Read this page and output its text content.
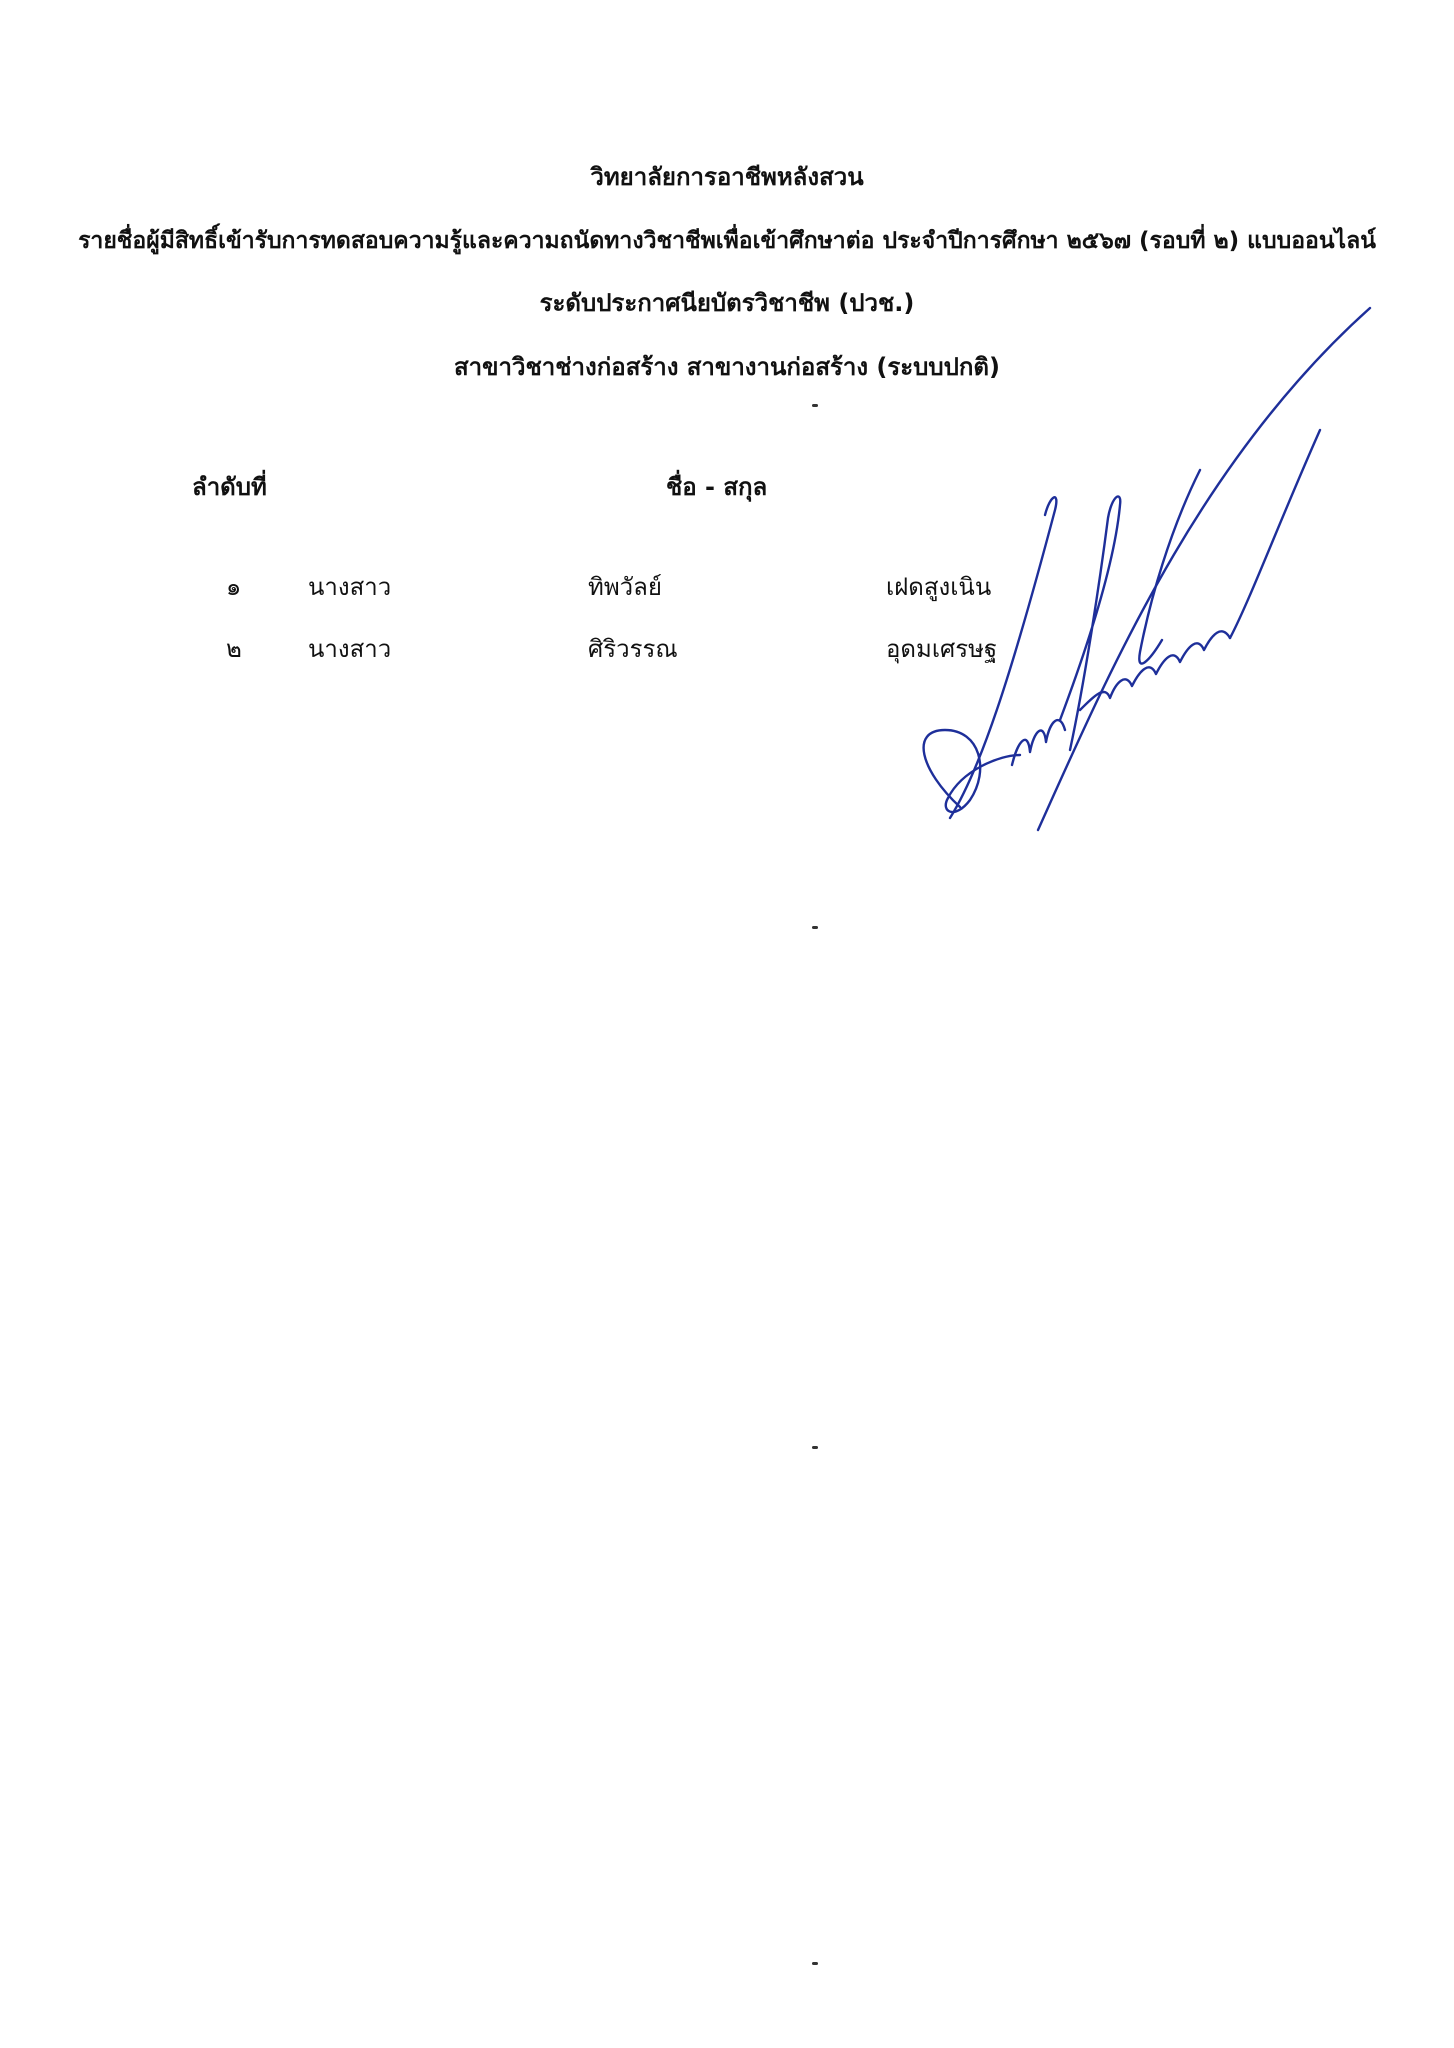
วิทยาลัยการอาชีพหลังสวน
รายชื่อผู้มีสิทธิ์เข้ารับการทดสอบความรู้และความถนัดทางวิชาชีพเพื่อเข้าศึกษาต่อ ประจำปีการศึกษา ๒๕๖๗ (รอบที่ ๒) แบบออนไลน์
ระดับประกาศนียบัตรวิชาชีพ (ปวช.)
สาขาวิชาช่างก่อสร้าง สาขางานก่อสร้าง (ระบบปกติ)
ลำดับที่	ชื่อ - สกุล
๑	นางสาว	ทิพวัลย์	เฝดสูงเนิน
๒	นางสาว	ศิริวรรณ	อุดมเศรษฐ
